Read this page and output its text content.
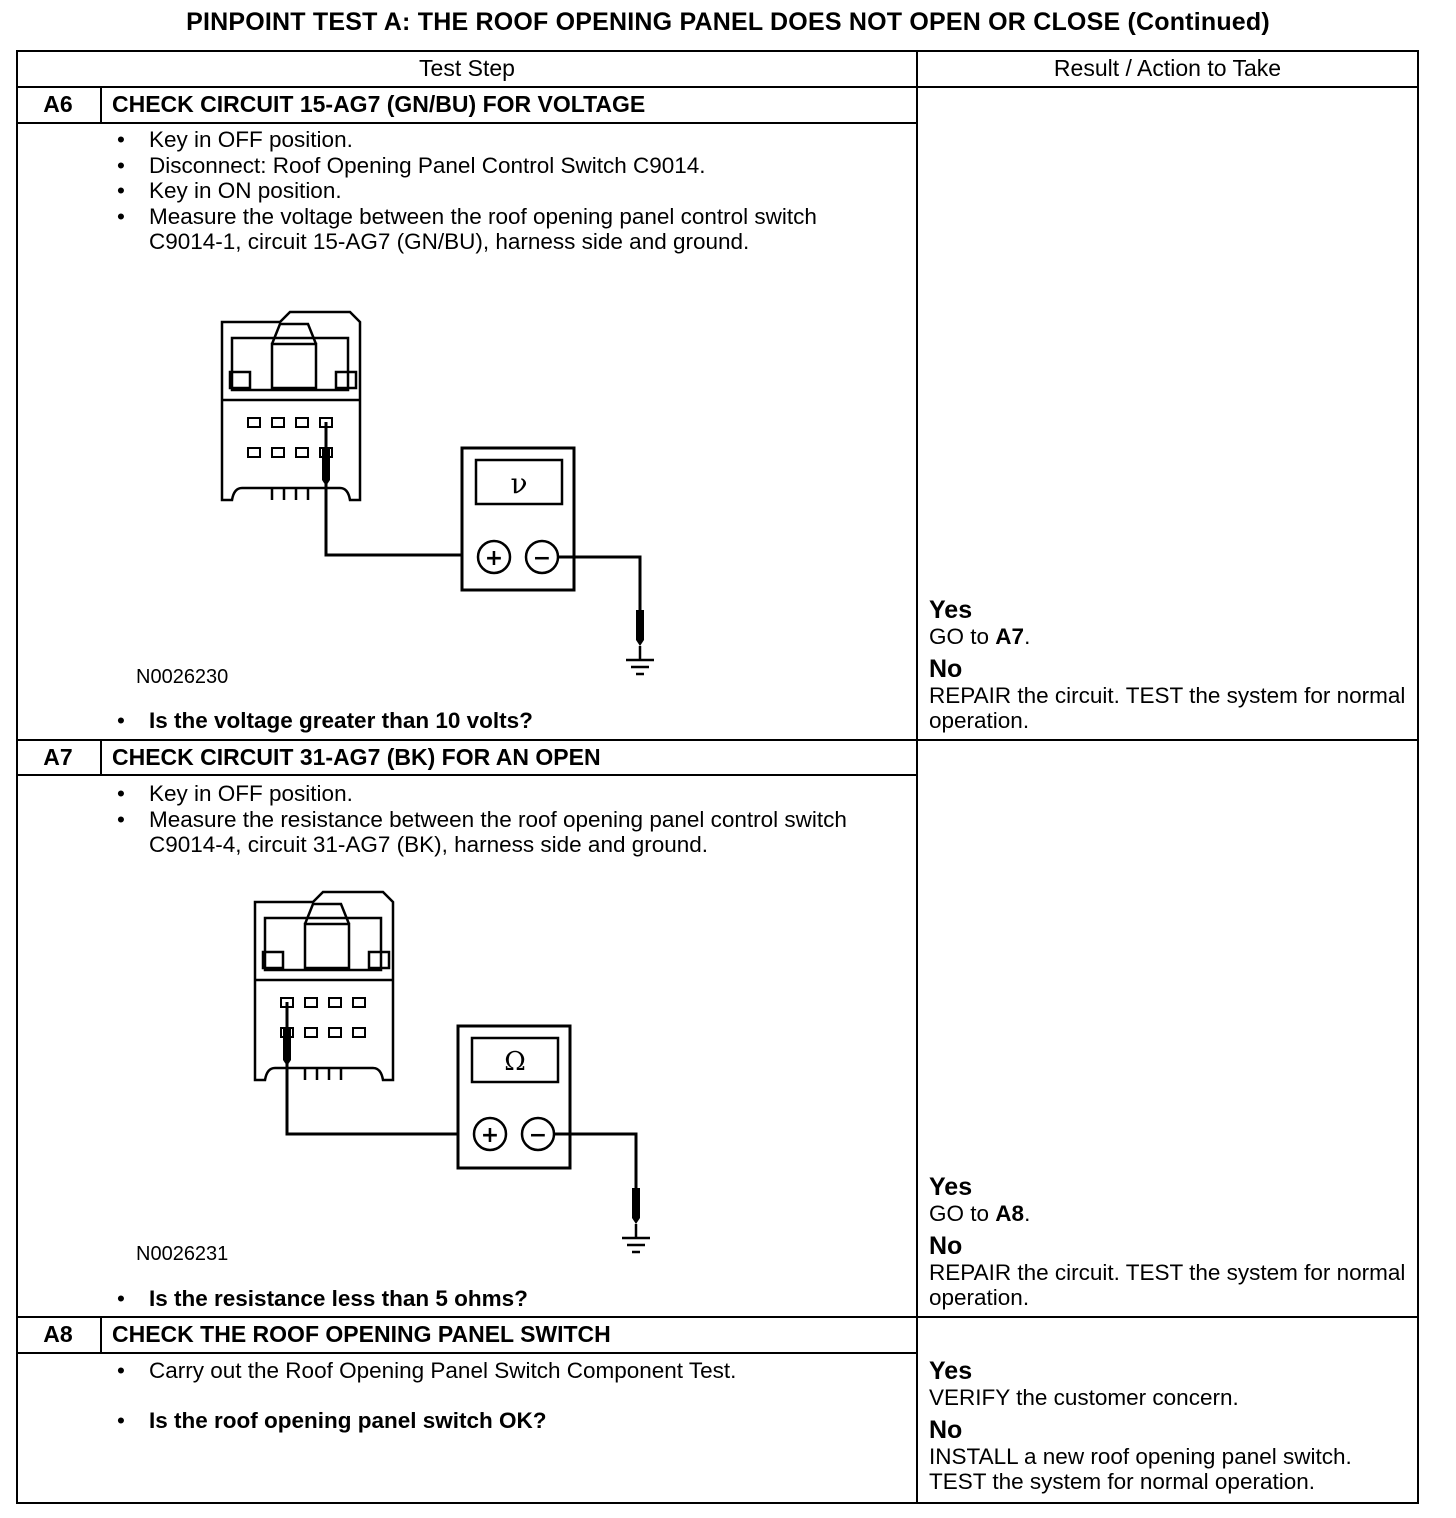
PINPOINT TEST A: THE ROOF OPENING PANEL DOES NOT OPEN OR CLOSE (Continued)
Test Step	Result / Action to Take
A6	CHECK CIRCUIT 15-AG7 (GN/BU) FOR VOLTAGE
• Key in OFF position.
• Disconnect: Roof Opening Panel Control Switch C9014.
• Key in ON position.
• Measure the voltage between the roof opening panel control switch C9014-1, circuit 15-AG7 (GN/BU), harness side and ground.
ν
+ −
N0026230
• Is the voltage greater than 10 volts?
Yes
GO to A7.
No
REPAIR the circuit. TEST the system for normal operation.
A7	CHECK CIRCUIT 31-AG7 (BK) FOR AN OPEN
• Key in OFF position.
• Measure the resistance between the roof opening panel control switch C9014-4, circuit 31-AG7 (BK), harness side and ground.
Ω
+ −
N0026231
• Is the resistance less than 5 ohms?
Yes
GO to A8.
No
REPAIR the circuit. TEST the system for normal operation.
A8	CHECK THE ROOF OPENING PANEL SWITCH
• Carry out the Roof Opening Panel Switch Component Test.
• Is the roof opening panel switch OK?
Yes
VERIFY the customer concern.
No
INSTALL a new roof opening panel switch. TEST the system for normal operation.
